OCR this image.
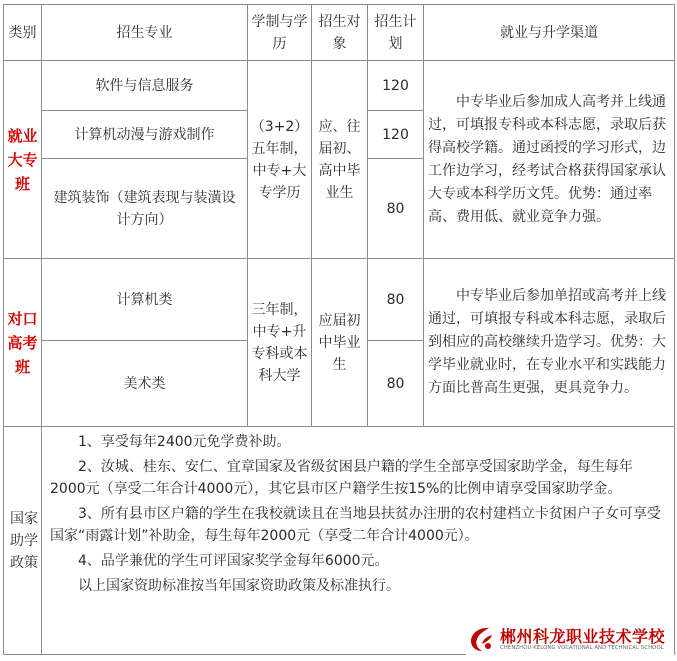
类别	招生专业	学制与学历	招生对象	招生计划	就业与升学渠道
就业大专班	软件与信息服务	（3+2）五年制，中专+大专学历	应、往届初、高中毕业生	120	中专毕业后参加成人高考并上线通过，可填报专科或本科志愿，录取后获得高校学籍。通过函授的学习形式，边工作边学习，经考试合格获得国家承认大专或本科学历文凭。优势：通过率高、费用低、就业竞争力强。
	计算机动漫与游戏制作			120	
	建筑装饰（建筑表现与装潢设计方向）			80	
对口高考班	计算机类	三年制，中专+升专科或本科大学	应届初中毕业生	80	中专毕业后参加单招或高考并上线通过，可填报专科或本科志愿，录取后到相应的高校继续升造学习。优势：大学毕业就业时，在专业水平和实践能力方面比普高生更强，更具竞争力。
	美术类			80	
国家助学政策	1、享受每年2400元免学费补助。

2、汝城、桂东、安仁、宜章国家及省级贫困县户籍的学生全部享受国家助学金，每生每年2000元（享受二年合计4000元），其它县市区户籍学生按15%的比例申请享受国家助学金。

3、所有县市区户籍的学生在我校就读且在当地县扶贫办注册的农村建档立卡贫困户子女可享受国家“雨露计划”补助金，每生每年2000元（享受二年合计4000元）。

4、品学兼优的学生可评国家奖学金每年6000元。

以上国家资助标准按当年国家资助政策及标准执行。				

郴州科龙职业技术学校
CHENZHOU KELONG VOCATIONAL AND TECHNICAL SCHOOL
